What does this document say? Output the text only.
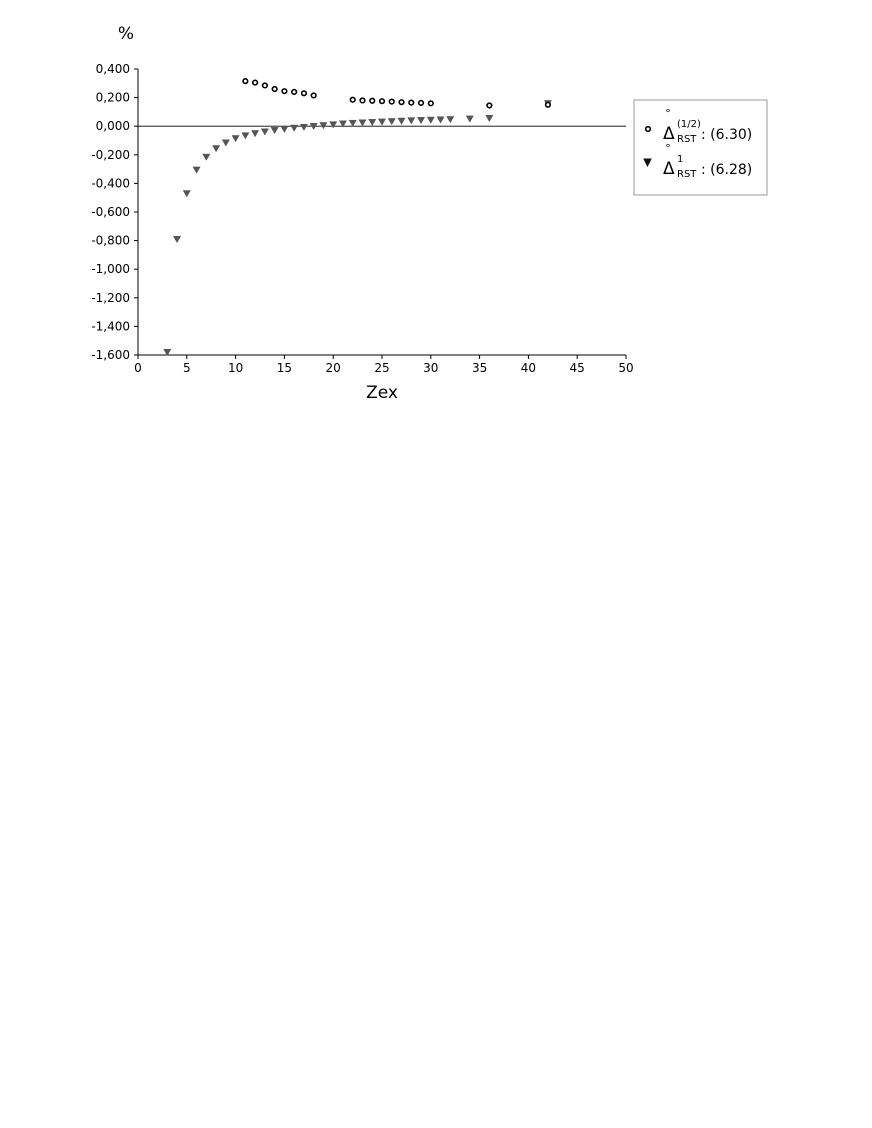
0,400
0,200
0,000
-0,200
-0,400
-0,600
-0,800
-1,000
-1,200
-1,400
-1,600
0	5	10	15	20	25	30	35	40	45	50
%
Zex
°
Δ (1/2)
RST : (6.30)
°
Δ 1
RST : (6.28)
